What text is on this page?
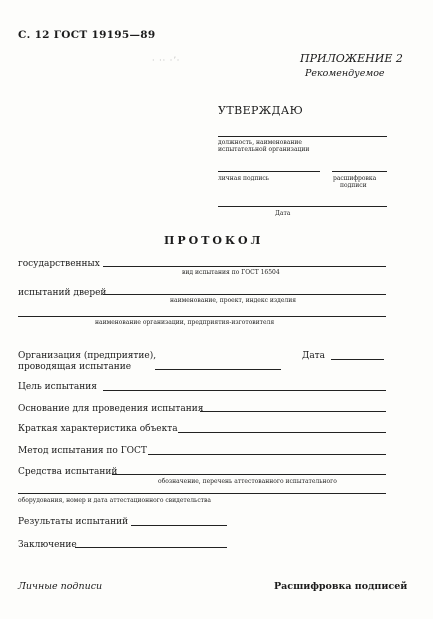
С. 12 ГОСТ 19195—89
· ·· ·ʼ·	ПРИЛОЖЕНИЕ 2
Рекомендуемое
УТВЕРЖДАЮ
должность, наименование
испытательной организации
личная подпись	расшифровка
подписи
Дата
ПРОТОКОЛ
государственных
вид испытания по ГОСТ 16504
испытаний дверей
наименование, проект, индекс изделия
наименование организации, предприятия-изготовителя
Организация (предприятие),
проводящая испытание
Дата
Цель испытания
Основание для проведения испытания
Краткая характеристика объекта
Метод испытания по ГОСТ
Средства испытаний
обозначение, перечень аттестованного испытательного
оборудования, номер и дата аттестационного свидетельства
Результаты испытаний
Заключение
Личные подписи	Расшифровка подписей
